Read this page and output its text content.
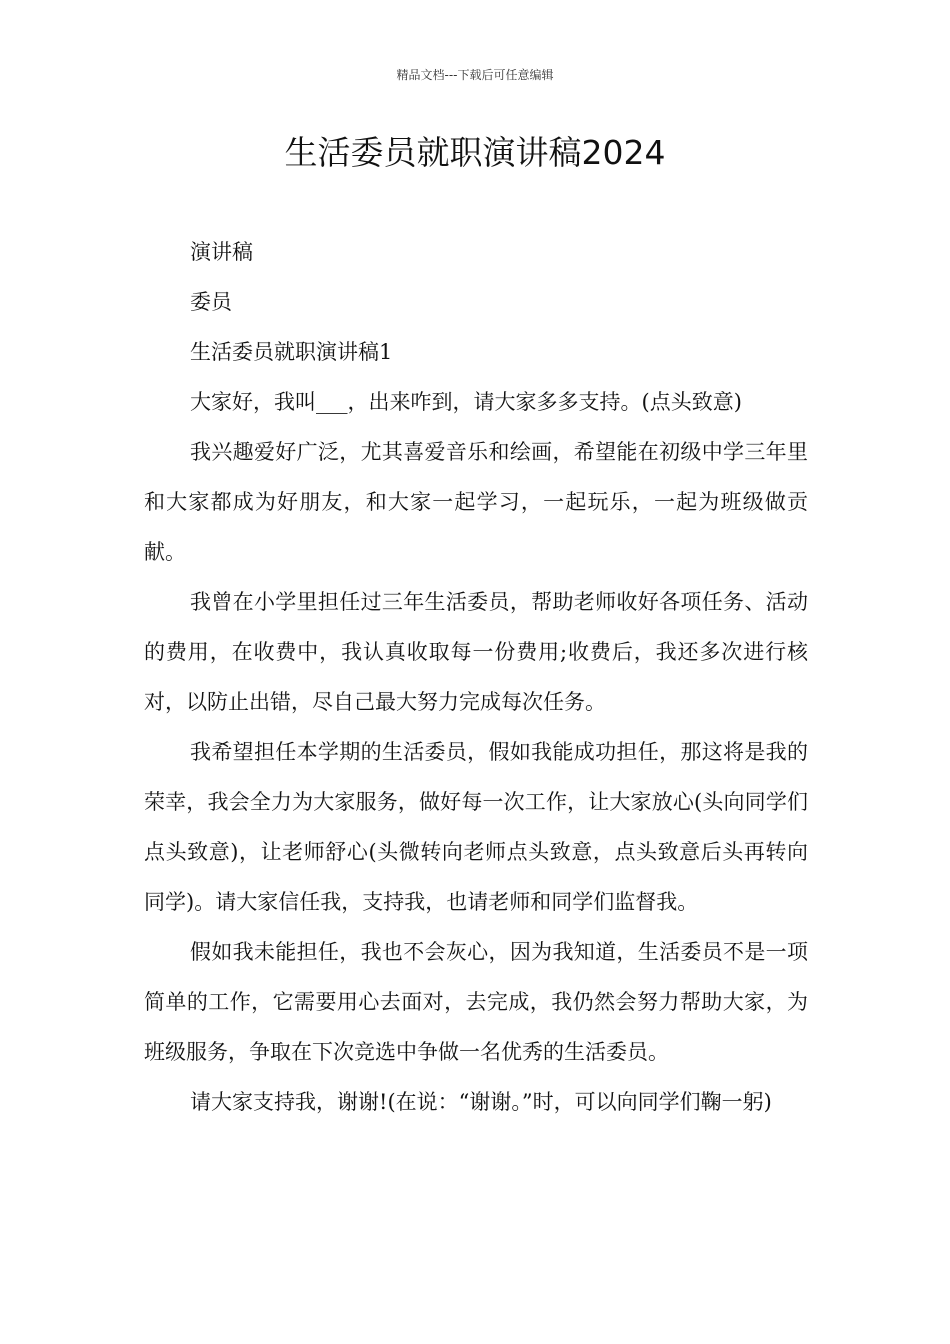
精品文档---下载后可任意编辑
生活委员就职演讲稿2024

演讲稿

委员

生活委员就职演讲稿1

大家好，我叫___，出来咋到，请大家多多支持。(点头致意)

我兴趣爱好广泛，尤其喜爱音乐和绘画，希望能在初级中学三年里和大家都成为好朋友，和大家一起学习，一起玩乐，一起为班级做贡献。

我曾在小学里担任过三年生活委员，帮助老师收好各项任务、活动的费用，在收费中，我认真收取每一份费用;收费后，我还多次进行核对，以防止出错，尽自己最大努力完成每次任务。

我希望担任本学期的生活委员，假如我能成功担任，那这将是我的荣幸，我会全力为大家服务，做好每一次工作，让大家放心(头向同学们点头致意)，让老师舒心(头微转向老师点头致意，点头致意后头再转向同学)。请大家信任我，支持我，也请老师和同学们监督我。

假如我未能担任，我也不会灰心，因为我知道，生活委员不是一项简单的工作，它需要用心去面对，去完成，我仍然会努力帮助大家，为班级服务，争取在下次竞选中争做一名优秀的生活委员。

请大家支持我，谢谢!(在说：“谢谢。”时，可以向同学们鞠一躬)
